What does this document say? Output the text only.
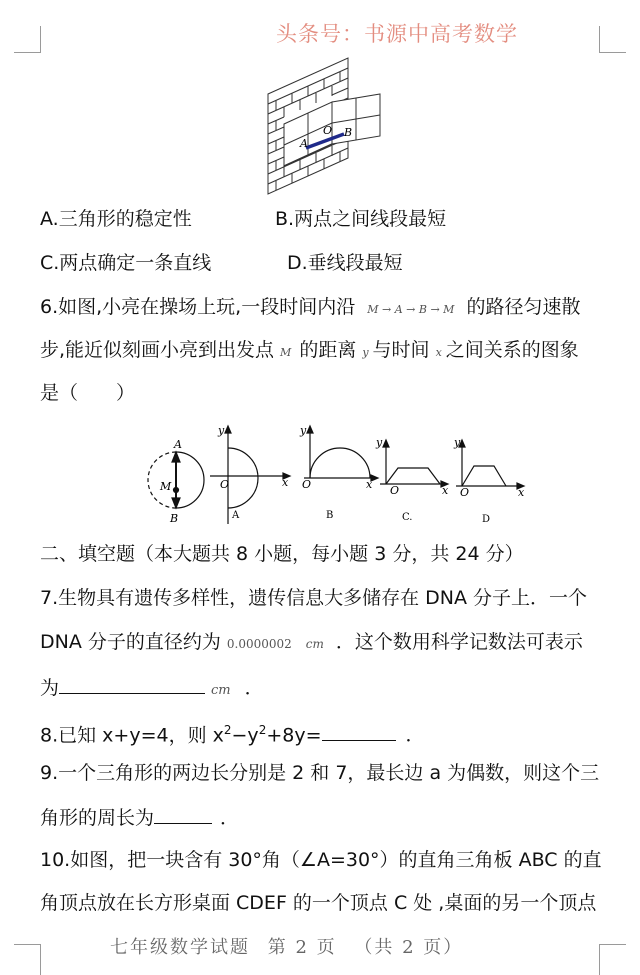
头条号：书源中高考数学
A
O B
A.三角形的稳定性	B.两点之间线段最短
C.两点确定一条直线	D.垂线段最短
6.如图,小亮在操场上玩,一段时间内沿 M → A → B → M 的路径匀速散
步,能近似刻画小亮到出发点 M 的距离 y 与时间 x 之间关系的图象
是（　　）
A
M
B
y
O	x
A
y
O	x
B
y
O	x
C.
y
O	x
D
二、填空题（本大题共 8 小题，每小题 3 分，共 24 分）
7.生物具有遗传多样性，遗传信息大多储存在 DNA 分子上．一个
DNA 分子的直径约为 0.0000002 cm ．这个数用科学记数法可表示
为	cm ．
8.已知 x+y=4，则 $x^2-y^2+8y=$	．
9.一个三角形的两边长分别是 2 和 7，最长边 a 为偶数，则这个三
角形的周长为	．
10.如图，把一块含有 30°角（∠A=30°）的直角三角板 ABC 的直
角顶点放在长方形桌面 CDEF 的一个顶点 C 处 ,桌面的另一个顶点
七年级数学试题 第 2 页 （共 2 页）
